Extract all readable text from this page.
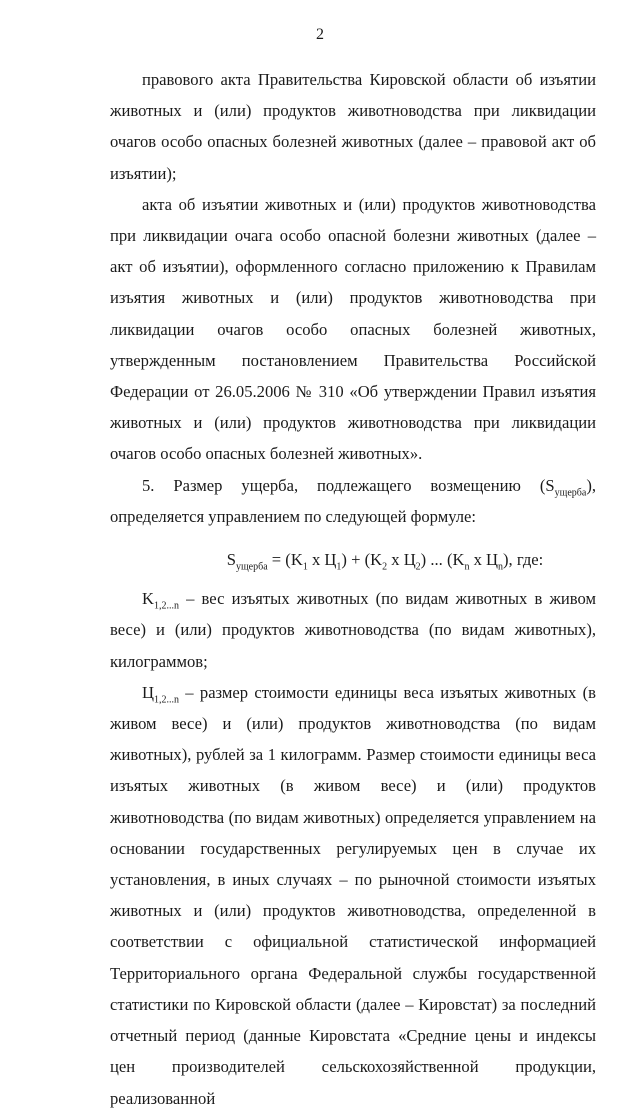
2

правового акта Правительства Кировской области об изъятии животных и (или) продуктов животноводства при ликвидации очагов особо опасных болезней животных (далее – правовой акт об изъятии);

акта об изъятии животных и (или) продуктов животноводства при ликвидации очага особо опасной болезни животных (далее – акт об изъятии), оформленного согласно приложению к Правилам изъятия животных и (или) продуктов животноводства при ликвидации очагов особо опасных болезней животных, утвержденным постановлением Правительства Российской Федерации от 26.05.2006 № 310 «Об утверждении Правил изъятия животных и (или) продуктов животноводства при ликвидации очагов особо опасных болезней животных».

5. Размер ущерба, подлежащего возмещению $(S_{ущерба})$, определяется управлением по следующей формуле:

$S_{ущерба} = (K_1$ x $Ц_1) + (K_2$ x $Ц_2$) ... ($K_n$ x $Ц_n$), где:

$K_{1,2...n}$ – вес изъятых животных (по видам животных в живом весе) и (или) продуктов животноводства (по видам животных), килограммов;

$Ц_{1,2...n}$ – размер стоимости единицы веса изъятых животных (в живом весе) и (или) продуктов животноводства (по видам животных), рублей за 1 килограмм. Размер стоимости единицы веса изъятых животных (в живом весе) и (или) продуктов животноводства (по видам животных) определяется управлением на основании государственных регулируемых цен в случае их установления, в иных случаях – по рыночной стоимости изъятых животных и (или) продуктов животноводства, определенной в соответствии с официальной статистической информацией Территориального органа Федеральной службы государственной статистики по Кировской области (далее – Кировстат) за последний отчетный период (данные Кировстата «Средние цены и индексы цен производителей сельскохозяйственной продукции, реализованной
